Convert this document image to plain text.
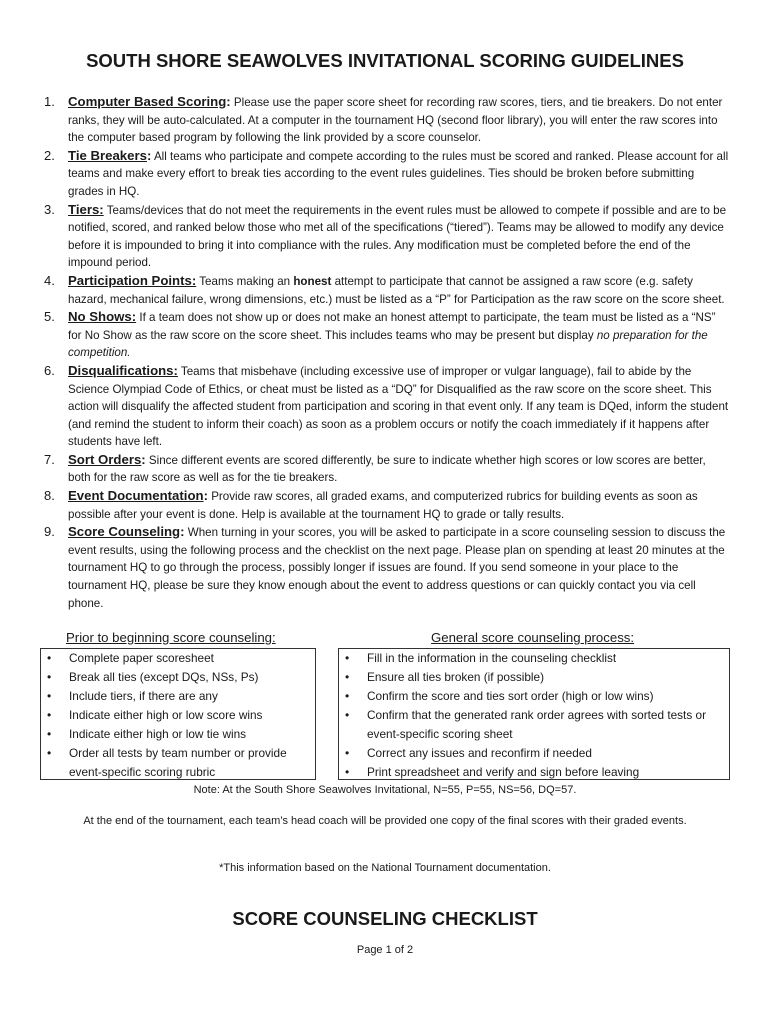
SOUTH SHORE SEAWOLVES INVITATIONAL SCORING GUIDELINES
1. Computer Based Scoring: Please use the paper score sheet for recording raw scores, tiers, and tie breakers. Do not enter ranks, they will be auto-calculated. At a computer in the tournament HQ (second floor library), you will enter the raw scores into the computer based program by following the link provided by a score counselor.
2. Tie Breakers: All teams who participate and compete according to the rules must be scored and ranked. Please account for all teams and make every effort to break ties according to the event rules guidelines. Ties should be broken before submitting grades in HQ.
3. Tiers: Teams/devices that do not meet the requirements in the event rules must be allowed to compete if possible and are to be notified, scored, and ranked below those who met all of the specifications (“tiered”). Teams may be allowed to modify any device before it is impounded to bring it into compliance with the rules. Any modification must be completed before the end of the impound period.
4. Participation Points: Teams making an honest attempt to participate that cannot be assigned a raw score (e.g. safety hazard, mechanical failure, wrong dimensions, etc.) must be listed as a “P” for Participation as the raw score on the score sheet.
5. No Shows: If a team does not show up or does not make an honest attempt to participate, the team must be listed as a “NS” for No Show as the raw score on the score sheet. This includes teams who may be present but display no preparation for the competition.
6. Disqualifications: Teams that misbehave (including excessive use of improper or vulgar language), fail to abide by the Science Olympiad Code of Ethics, or cheat must be listed as a “DQ” for Disqualified as the raw score on the score sheet. This action will disqualify the affected student from participation and scoring in that event only. If any team is DQed, inform the student (and remind the student to inform their coach) as soon as a problem occurs or notify the coach immediately if it happens after students have left.
7. Sort Orders: Since different events are scored differently, be sure to indicate whether high scores or low scores are better, both for the raw score as well as for the tie breakers.
8. Event Documentation: Provide raw scores, all graded exams, and computerized rubrics for building events as soon as possible after your event is done. Help is available at the tournament HQ to grade or tally results.
9. Score Counseling: When turning in your scores, you will be asked to participate in a score counseling session to discuss the event results, using the following process and the checklist on the next page. Please plan on spending at least 20 minutes at the tournament HQ to go through the process, possibly longer if issues are found. If you send someone in your place to the tournament HQ, please be sure they know enough about the event to address questions or can quickly contact you via cell phone.
Prior to beginning score counseling:	General score counseling process:
• Complete paper scoresheet
• Break all ties (except DQs, NSs, Ps)
• Include tiers, if there are any
• Indicate either high or low score wins
• Indicate either high or low tie wins
• Order all tests by team number or provide event-specific scoring rubric
• Fill in the information in the counseling checklist
• Ensure all ties broken (if possible)
• Confirm the score and ties sort order (high or low wins)
• Confirm that the generated rank order agrees with sorted tests or event-specific scoring sheet
• Correct any issues and reconfirm if needed
• Print spreadsheet and verify and sign before leaving
Note: At the South Shore Seawolves Invitational, N=55, P=55, NS=56, DQ=57.
At the end of the tournament, each team’s head coach will be provided one copy of the final scores with their graded events.
*This information based on the National Tournament documentation.
SCORE COUNSELING CHECKLIST
Page 1 of 2
